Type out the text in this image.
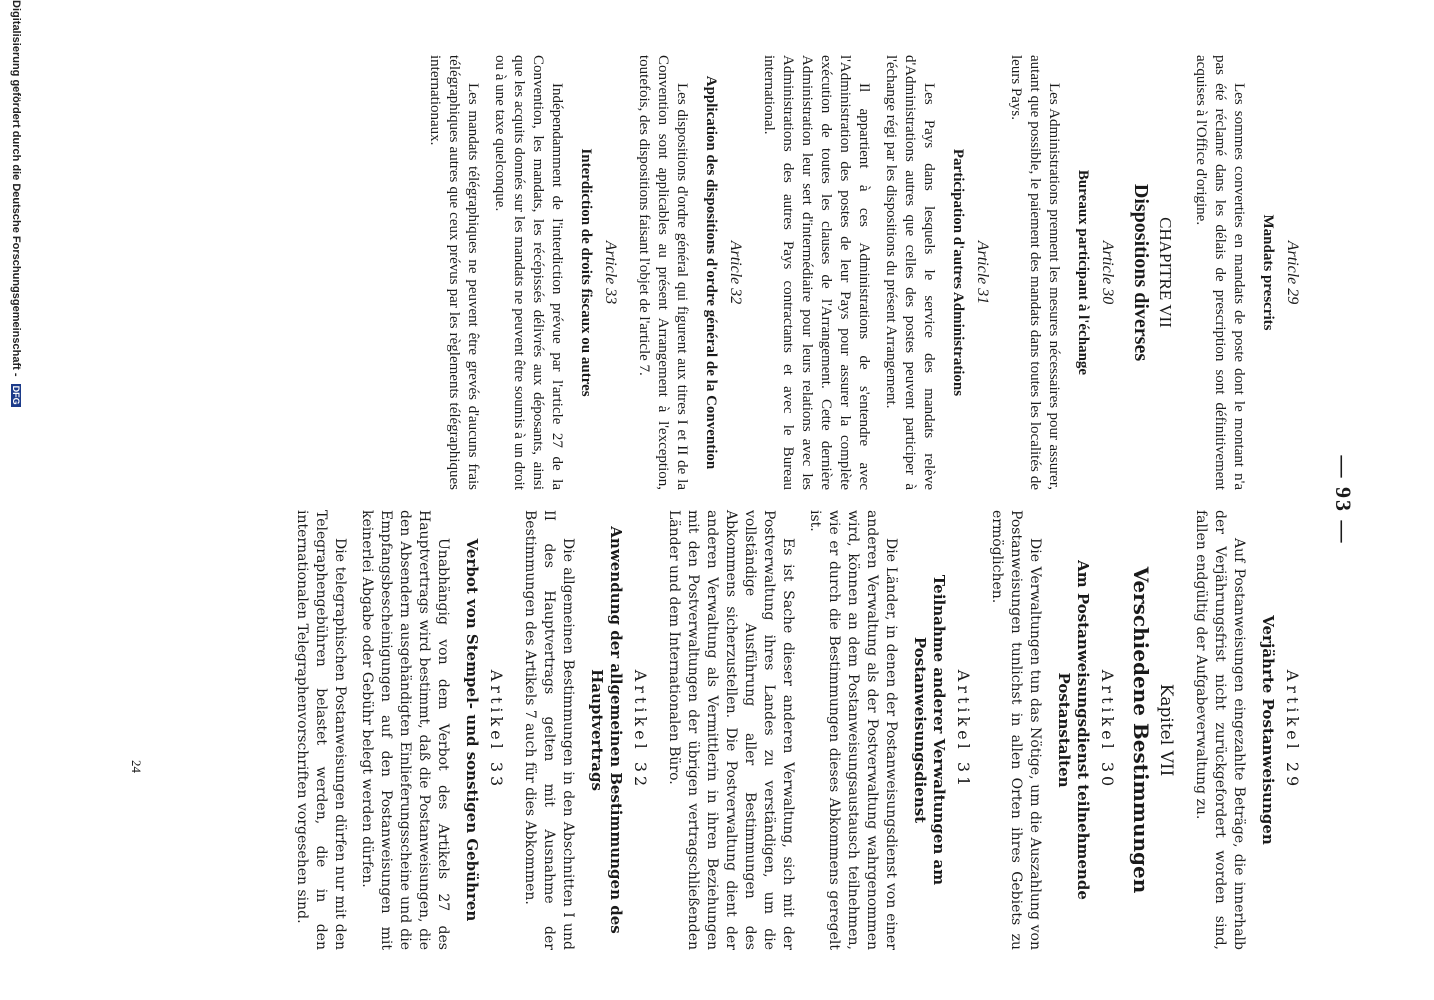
— 93 —
Article 29
Mandats prescrits

Les sommes converties en mandats de poste dont le montant n'a pas été réclamé dans les délais de prescription sont définitivement acquises à l'Office d'origine.

CHAPITRE VII
Dispositions diverses
Article 30
Bureaux participant à l'échange

Les Administrations prennent les mesures nécessaires pour assurer, autant que possible, le paiement des mandats dans toutes les localités de leurs Pays.

Article 31
Participation d'autres Administrations

Les Pays dans lesquels le service des mandats relève d'Administrations autres que celles des postes peuvent participer à l'échange régi par les dispositions du présent Arrangement.

Il appartient à ces Administrations de s'entendre avec l'Administration des postes de leur Pays pour assurer la complète exécution de toutes les clauses de l'Arrangement. Cette dernière Administration leur sert d'intermédiaire pour leurs relations avec les Administrations des autres Pays contractants et avec le Bureau international.

Article 32
Application des dispositions d'ordre général de la Convention

Les dispositions d'ordre général qui figurent aux titres I et II de la Convention sont applicables au présent Arrangement à l'exception, toutefois, des dispositions faisant l'objet de l'article 7.

Article 33
Interdiction de droits fiscaux ou autres

Indépendamment de l'interdiction prévue par l'article 27 de la Convention, les mandats, les récépissés délivrés aux déposants, ainsi que les acquits donnés sur les mandats ne peuvent être soumis à un droit ou à une taxe quelconque.

Les mandats télégraphiques ne peuvent être grevés d'aucuns frais télégraphiques autres que ceux prévus par les règlements télégraphiques internationaux.

Artikel 29
Verjährte Postanweisungen

Auf Postanweisungen eingezahlte Beträge, die innerhalb der Verjährungsfrist nicht zurückgefordert worden sind, fallen endgültig der Aufgabeverwaltung zu.

Kapitel VII
Verschiedene Bestimmungen
Artikel 30
Am Postanweisungsdienst teilnehmende Postanstalten

Die Verwaltungen tun das Nötige, um die Auszahlung von Postanweisungen tunlichst in allen Orten ihres Gebiets zu ermöglichen.

Artikel 31
Teilnahme anderer Verwaltungen am Postanweisungsdienst

Die Länder, in denen der Postanweisungsdienst von einer anderen Verwaltung als der Postverwaltung wahrgenommen wird, können an dem Postanweisungsaustausch teilnehmen, wie er durch die Bestimmungen dieses Abkommens geregelt ist.

Es ist Sache dieser anderen Verwaltung, sich mit der Postverwaltung ihres Landes zu verständigen, um die vollständige Ausführung aller Bestimmungen des Abkommens sicherzustellen. Die Postverwaltung dient der anderen Verwaltung als Vermittlerin in ihren Beziehungen mit den Postverwaltungen der übrigen vertragschließenden Länder und dem Internationalen Büro.

Artikel 32
Anwendung der allgemeinen Bestimmungen des Hauptvertrags

Die allgemeinen Bestimmungen in den Abschnitten I und II des Hauptvertrags gelten mit Ausnahme der Bestimmungen des Artikels 7 auch für dies Abkommen.

Artikel 33
Verbot von Stempel- und sonstigen Gebühren

Unabhängig von dem Verbot des Artikels 27 des Hauptvertrags wird bestimmt, daß die Postanweisungen, die den Absendern ausgehändigten Einlieferungsscheine und die Empfangsbescheinigungen auf den Postanweisungen mit keinerlei Abgabe oder Gebühr belegt werden dürfen.

Die telegraphischen Postanweisungen dürfen nur mit den Telegraphengebühren belastet werden, die in den internationalen Telegraphenvorschriften vorgesehen sind.

24
Digitalisierung gefördert durch die Deutsche Forschungsgemeinschaft - DFG
